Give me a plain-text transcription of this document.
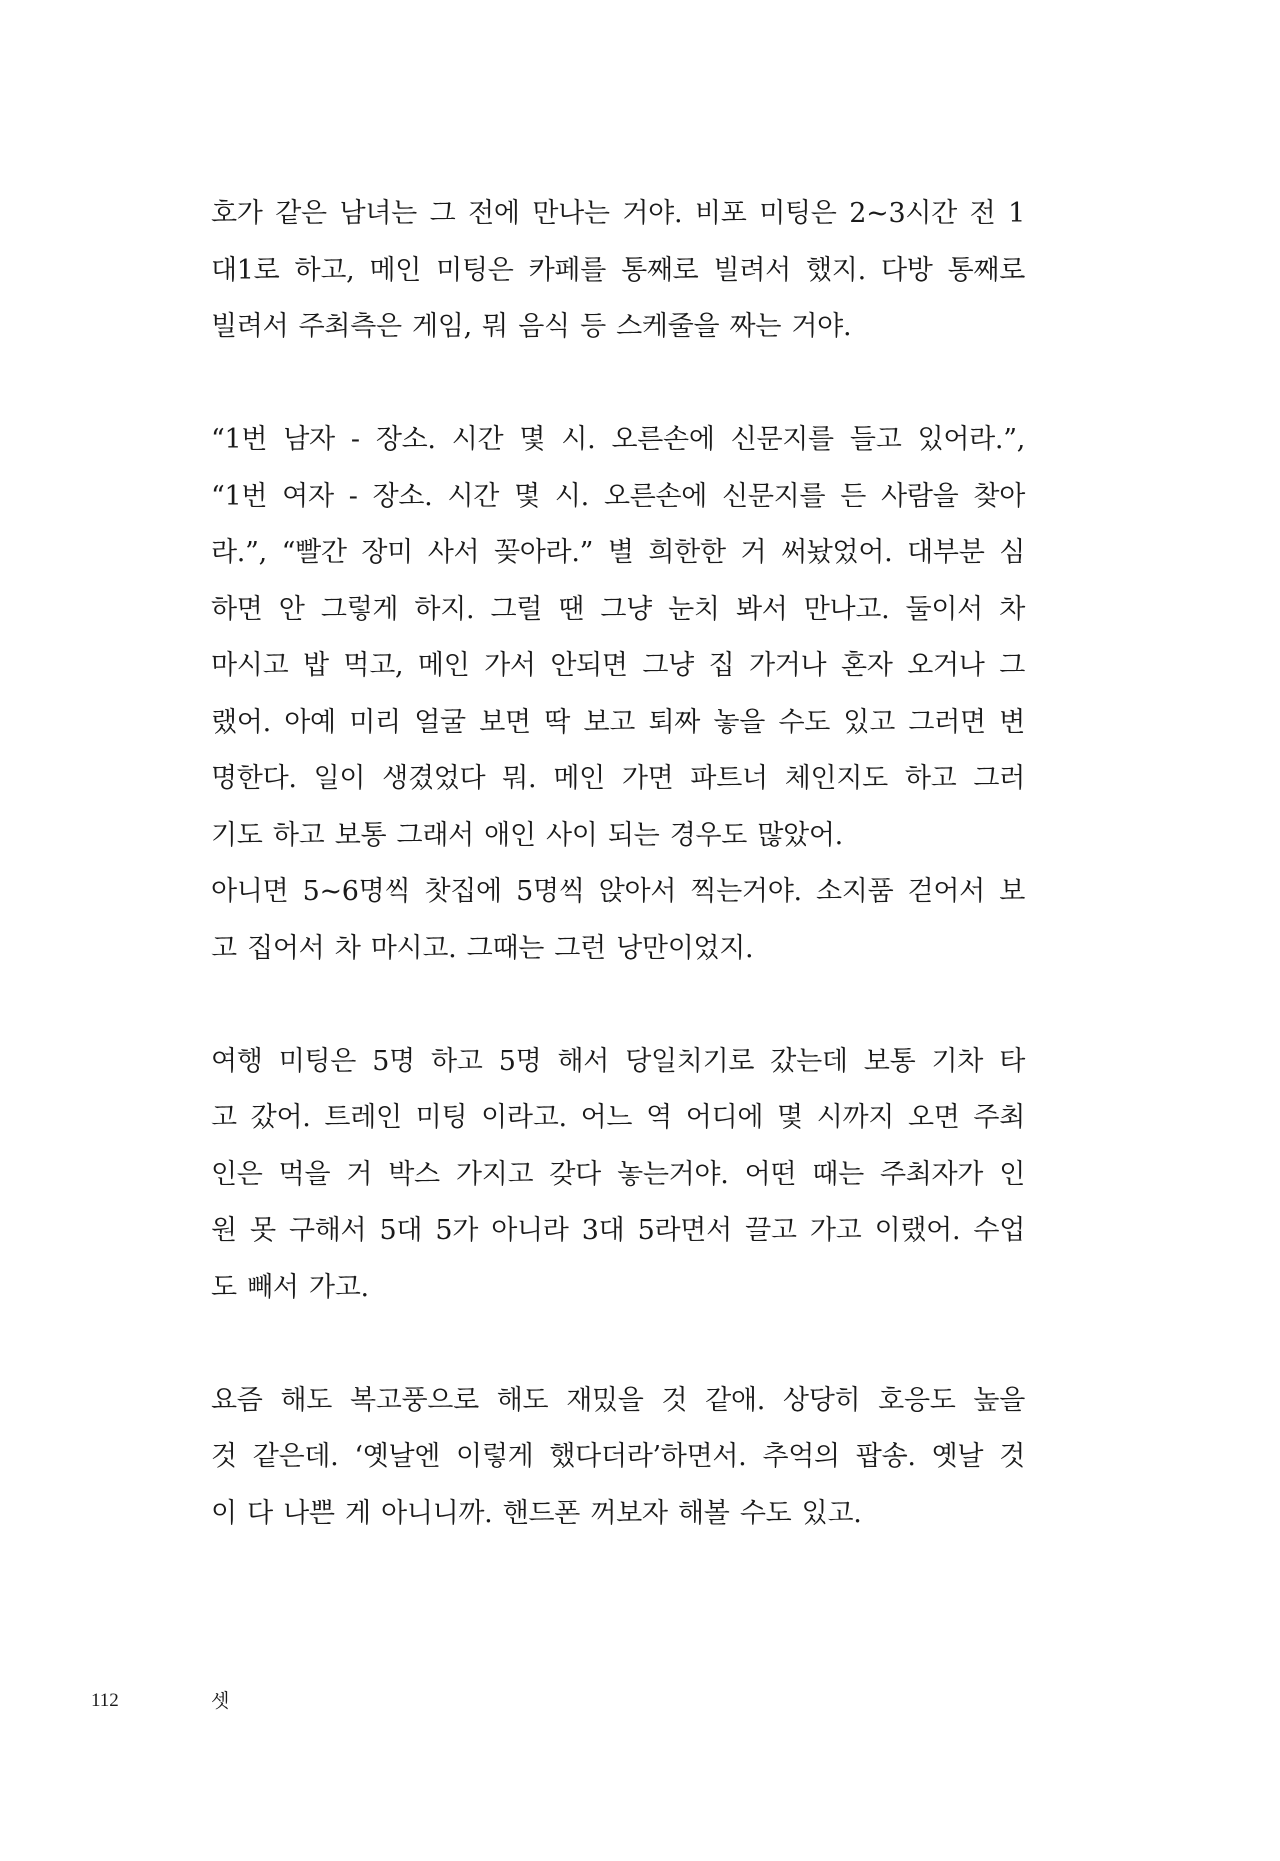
호가 같은 남녀는 그 전에 만나는 거야. 비포 미팅은 2~3시간 전 1
대1로 하고, 메인 미팅은 카페를 통째로 빌려서 했지. 다방 통째로
빌려서 주최측은 게임, 뭐 음식 등 스케줄을 짜는 거야.

“1번 남자 - 장소. 시간 몇 시. 오른손에 신문지를 들고 있어라.”,
“1번 여자 - 장소. 시간 몇 시. 오른손에 신문지를 든 사람을 찾아
라.”, “빨간 장미 사서 꽂아라.” 별 희한한 거 써놨었어. 대부분 심
하면 안 그렇게 하지. 그럴 땐 그냥 눈치 봐서 만나고. 둘이서 차
마시고 밥 먹고, 메인 가서 안되면 그냥 집 가거나 혼자 오거나 그
랬어. 아예 미리 얼굴 보면 딱 보고 퇴짜 놓을 수도 있고 그러면 변
명한다. 일이 생겼었다 뭐. 메인 가면 파트너 체인지도 하고 그러
기도 하고 보통 그래서 애인 사이 되는 경우도 많았어.
아니면 5~6명씩 찻집에 5명씩 앉아서 찍는거야. 소지품 걷어서 보
고 집어서 차 마시고. 그때는 그런 낭만이었지.

여행 미팅은 5명 하고 5명 해서 당일치기로 갔는데 보통 기차 타
고 갔어. 트레인 미팅 이라고. 어느 역 어디에 몇 시까지 오면 주최
인은 먹을 거 박스 가지고 갖다 놓는거야. 어떤 때는 주최자가 인
원 못 구해서 5대 5가 아니라 3대 5라면서 끌고 가고 이랬어. 수업
도 빼서 가고.

요즘 해도 복고풍으로 해도 재밌을 것 같애. 상당히 호응도 높을
것 같은데. ‘옛날엔 이렇게 했다더라’하면서. 추억의 팝송. 옛날 것
이 다 나쁜 게 아니니까. 핸드폰 꺼보자 해볼 수도 있고.

112	셋
